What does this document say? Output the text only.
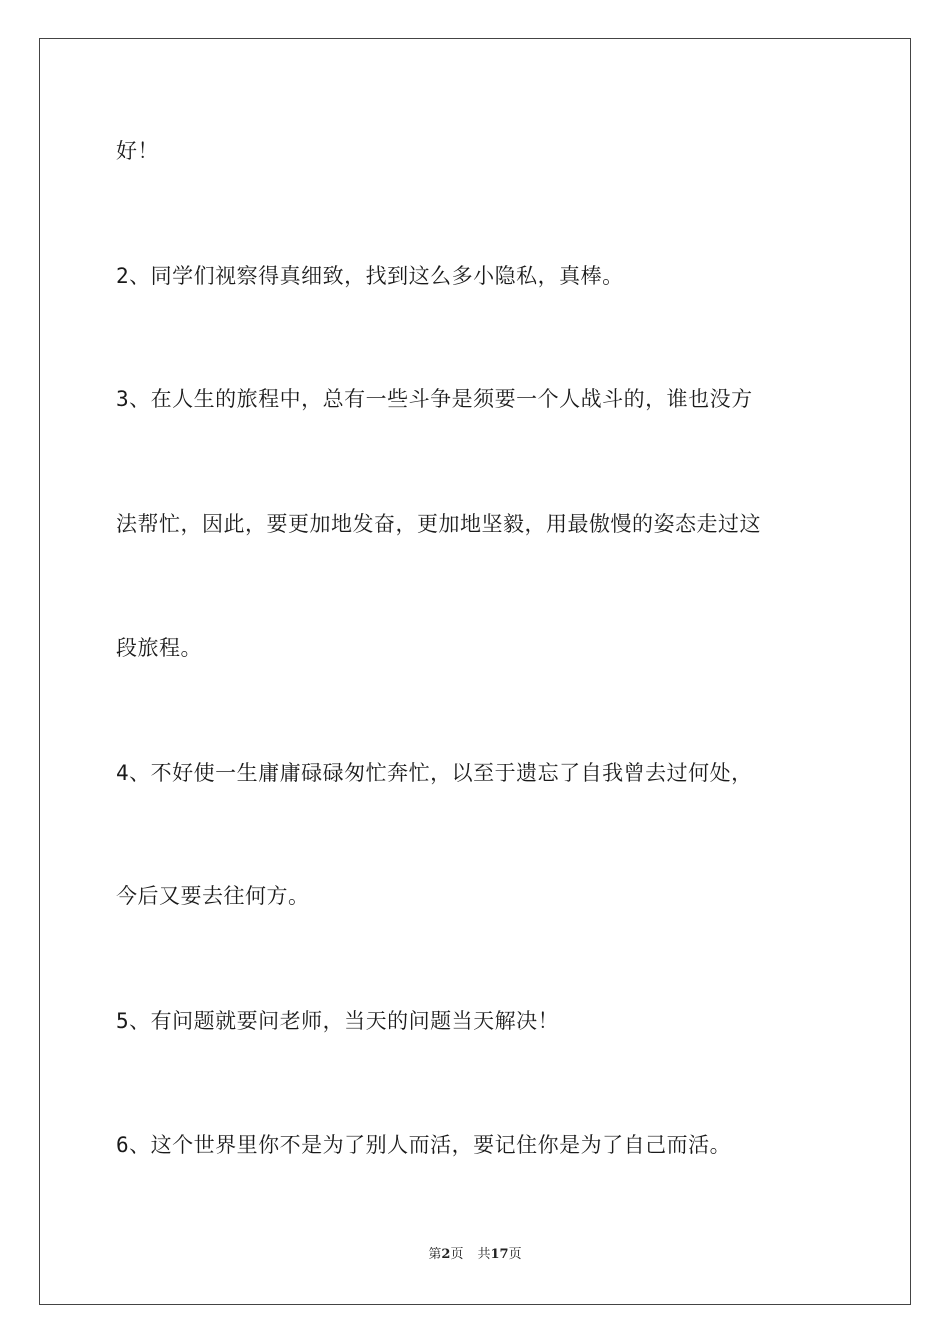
好！
2、同学们视察得真细致，找到这么多小隐私，真棒。
3、在人生的旅程中，总有一些斗争是须要一个人战斗的，谁也没方
法帮忙，因此，要更加地发奋，更加地坚毅，用最傲慢的姿态走过这
段旅程。
4、不好使一生庸庸碌碌匆忙奔忙，以至于遗忘了自我曾去过何处，
今后又要去往何方。
5、有问题就要问老师，当天的问题当天解决！
6、这个世界里你不是为了别人而活，要记住你是为了自己而活。
第2页 共17页
